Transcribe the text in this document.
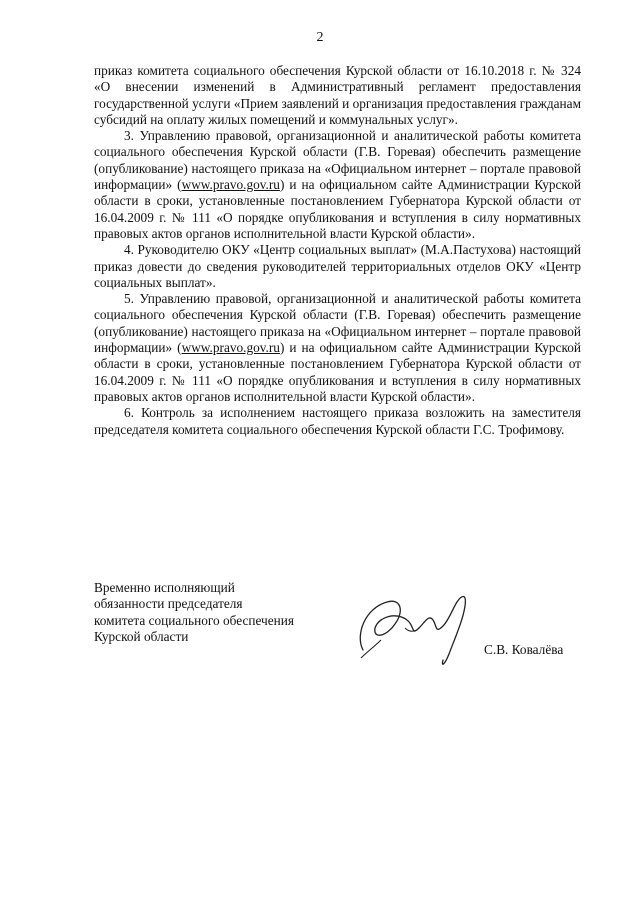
2

приказ комитета социального обеспечения Курской области от 16.10.2018 г. № 324 «О внесении изменений в Административный регламент предоставления государственной услуги «Прием заявлений и организация предоставления гражданам субсидий на оплату жилых помещений и коммунальных услуг».

3. Управлению правовой, организационной и аналитической работы комитета социального обеспечения Курской области (Г.В. Горевая) обеспечить размещение (опубликование) настоящего приказа на «Официальном интернет – портале правовой информации» (www.pravo.gov.ru) и на официальном сайте Администрации Курской области в сроки, установленные постановлением Губернатора Курской области от 16.04.2009 г. № 111 «О порядке опубликования и вступления в силу нормативных правовых актов органов исполнительной власти Курской области».

4. Руководителю ОКУ «Центр социальных выплат» (М.А.Пастухова) настоящий приказ довести до сведения руководителей территориальных отделов ОКУ «Центр социальных выплат».

5. Управлению правовой, организационной и аналитической работы комитета социального обеспечения Курской области (Г.В. Горевая) обеспечить размещение (опубликование) настоящего приказа на «Официальном интернет – портале правовой информации» (www.pravo.gov.ru) и на официальном сайте Администрации Курской области в сроки, установленные постановлением Губернатора Курской области от 16.04.2009 г. № 111 «О порядке опубликования и вступления в силу нормативных правовых актов органов исполнительной власти Курской области».

6. Контроль за исполнением настоящего приказа возложить на заместителя председателя комитета социального обеспечения Курской области Г.С. Трофимову.

Временно исполняющий
обязанности председателя
комитета социального обеспечения
Курской области
С.В. Ковалёва
